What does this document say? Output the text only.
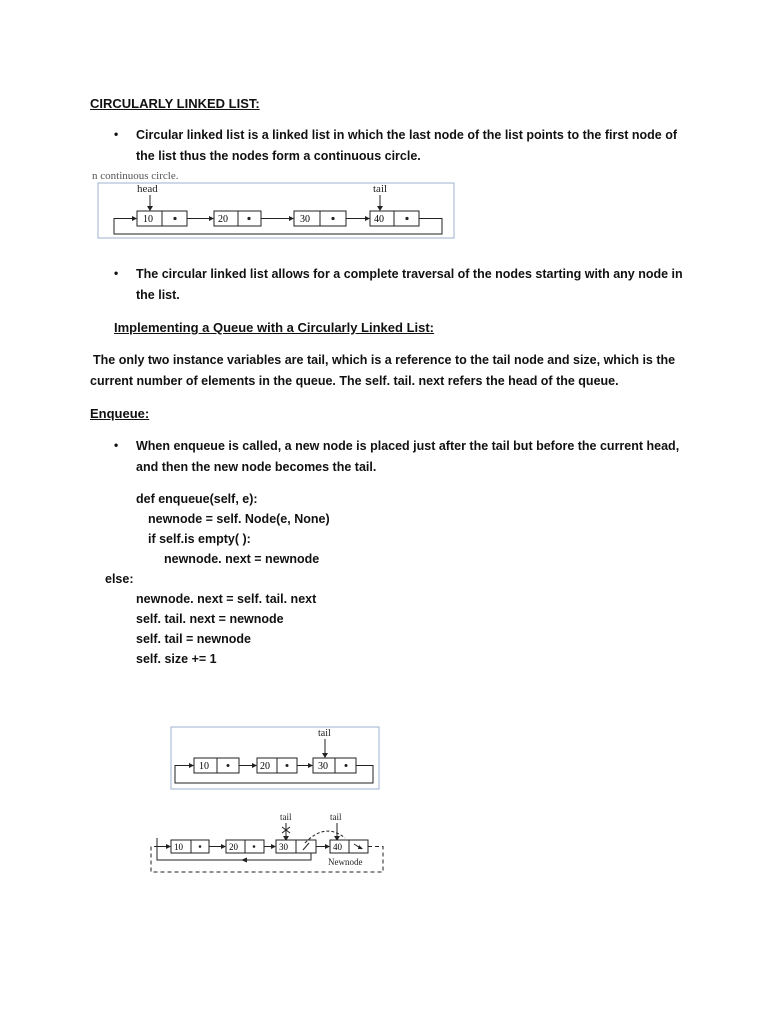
CIRCULARLY LINKED LIST:
• Circular linked list is a linked list in which the last node of the list points to the first node of the list thus the nodes form a continuous circle.
n continuous circle.
head	tail
10	20	30	40
• The circular linked list allows for a complete traversal of the nodes starting with any node in the list.
Implementing a Queue with a Circularly Linked List:
The only two instance variables are tail, which is a reference to the tail node and size, which is the current number of elements in the queue. The self. tail. next refers the head of the queue.
Enqueue:
• When enqueue is called, a new node is placed just after the tail but before the current head, and then the new node becomes the tail.
def enqueue(self, e):
newnode = self. Node(e, None)
if self.is empty( ):
newnode. next = newnode
else:
newnode. next = self. tail. next
self. tail. next = newnode
self. tail = newnode
self. size += 1
tail
10	20	30
tail	tail
10	20	30	40
Newnode
